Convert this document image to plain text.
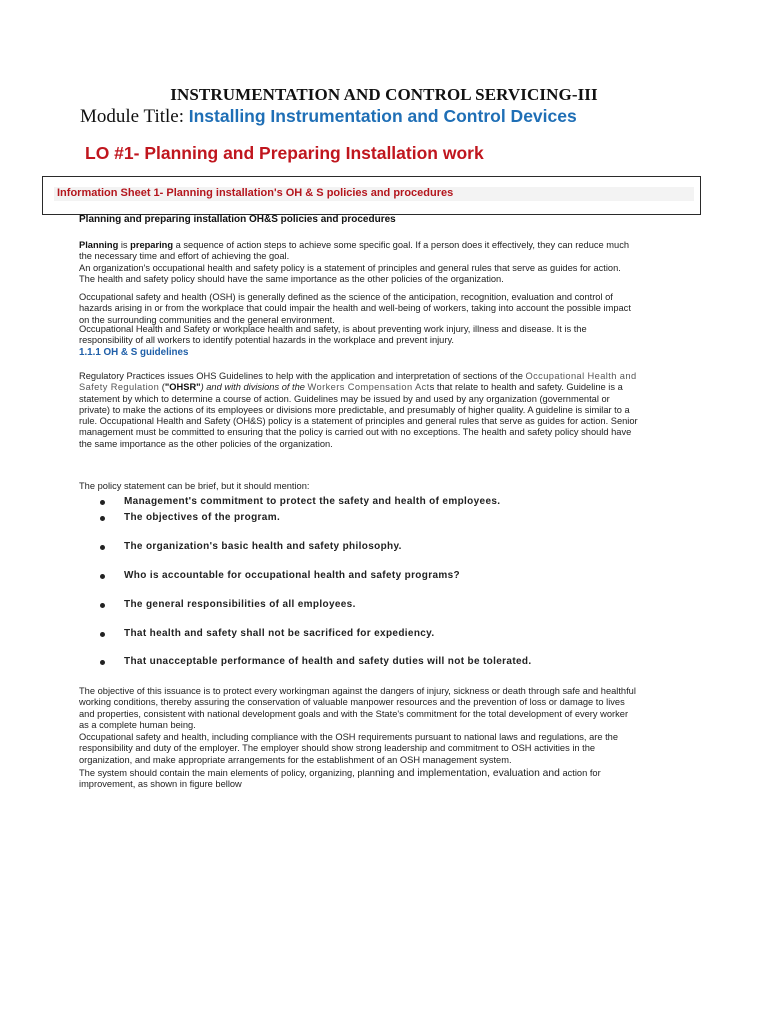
INSTRUMENTATION AND CONTROL SERVICING-III
Module Title: Installing Instrumentation and Control Devices
LO #1- Planning and Preparing Installation work
Information Sheet 1- Planning installation's OH & S policies and procedures
Planning and preparing installation OH&S policies and procedures
Planning is preparing a sequence of action steps to achieve some specific goal. If a person does it effectively, they can reduce much the necessary time and effort of achieving the goal.
An organization's occupational health and safety policy is a statement of principles and general rules that serve as guides for action. The health and safety policy should have the same importance as the other policies of the organization.
Occupational safety and health (OSH) is generally defined as the science of the anticipation, recognition, evaluation and control of hazards arising in or from the workplace that could impair the health and well-being of workers, taking into account the possible impact on the surrounding communities and the general environment.
Occupational Health and Safety or workplace health and safety, is about preventing work injury, illness and disease. It is the responsibility of all workers to identify potential hazards in the workplace and prevent injury.
1.1.1 OH & S guidelines
Regulatory Practices issues OHS Guidelines to help with the application and interpretation of sections of the Occupational Health and Safety Regulation ("OHSR") and with divisions of the Workers Compensation Acts that relate to health and safety. Guideline is a statement by which to determine a course of action. Guidelines may be issued by and used by any organization (governmental or private) to make the actions of its employees or divisions more predictable, and presumably of higher quality. A guideline is similar to a rule. Occupational Health and Safety (OH&S) policy is a statement of principles and general rules that serve as guides for action. Senior management must be committed to ensuring that the policy is carried out with no exceptions. The health and safety policy should have the same importance as the other policies of the organization.
The policy statement can be brief, but it should mention:
Management's commitment to protect the safety and health of employees.
The objectives of the program.
The organization's basic health and safety philosophy.
Who is accountable for occupational health and safety programs?
The general responsibilities of all employees.
That health and safety shall not be sacrificed for expediency.
That unacceptable performance of health and safety duties will not be tolerated.
The objective of this issuance is to protect every workingman against the dangers of injury, sickness or death through safe and healthful working conditions, thereby assuring the conservation of valuable manpower resources and the prevention of loss or damage to lives and properties, consistent with national development goals and with the State's commitment for the total development of every worker as a complete human being.
Occupational safety and health, including compliance with the OSH requirements pursuant to national laws and regulations, are the responsibility and duty of the employer. The employer should show strong leadership and commitment to OSH activities in the organization, and make appropriate arrangements for the establishment of an OSH management system.
The system should contain the main elements of policy, organizing, planning and implementation, evaluation and action for improvement, as shown in figure bellow
